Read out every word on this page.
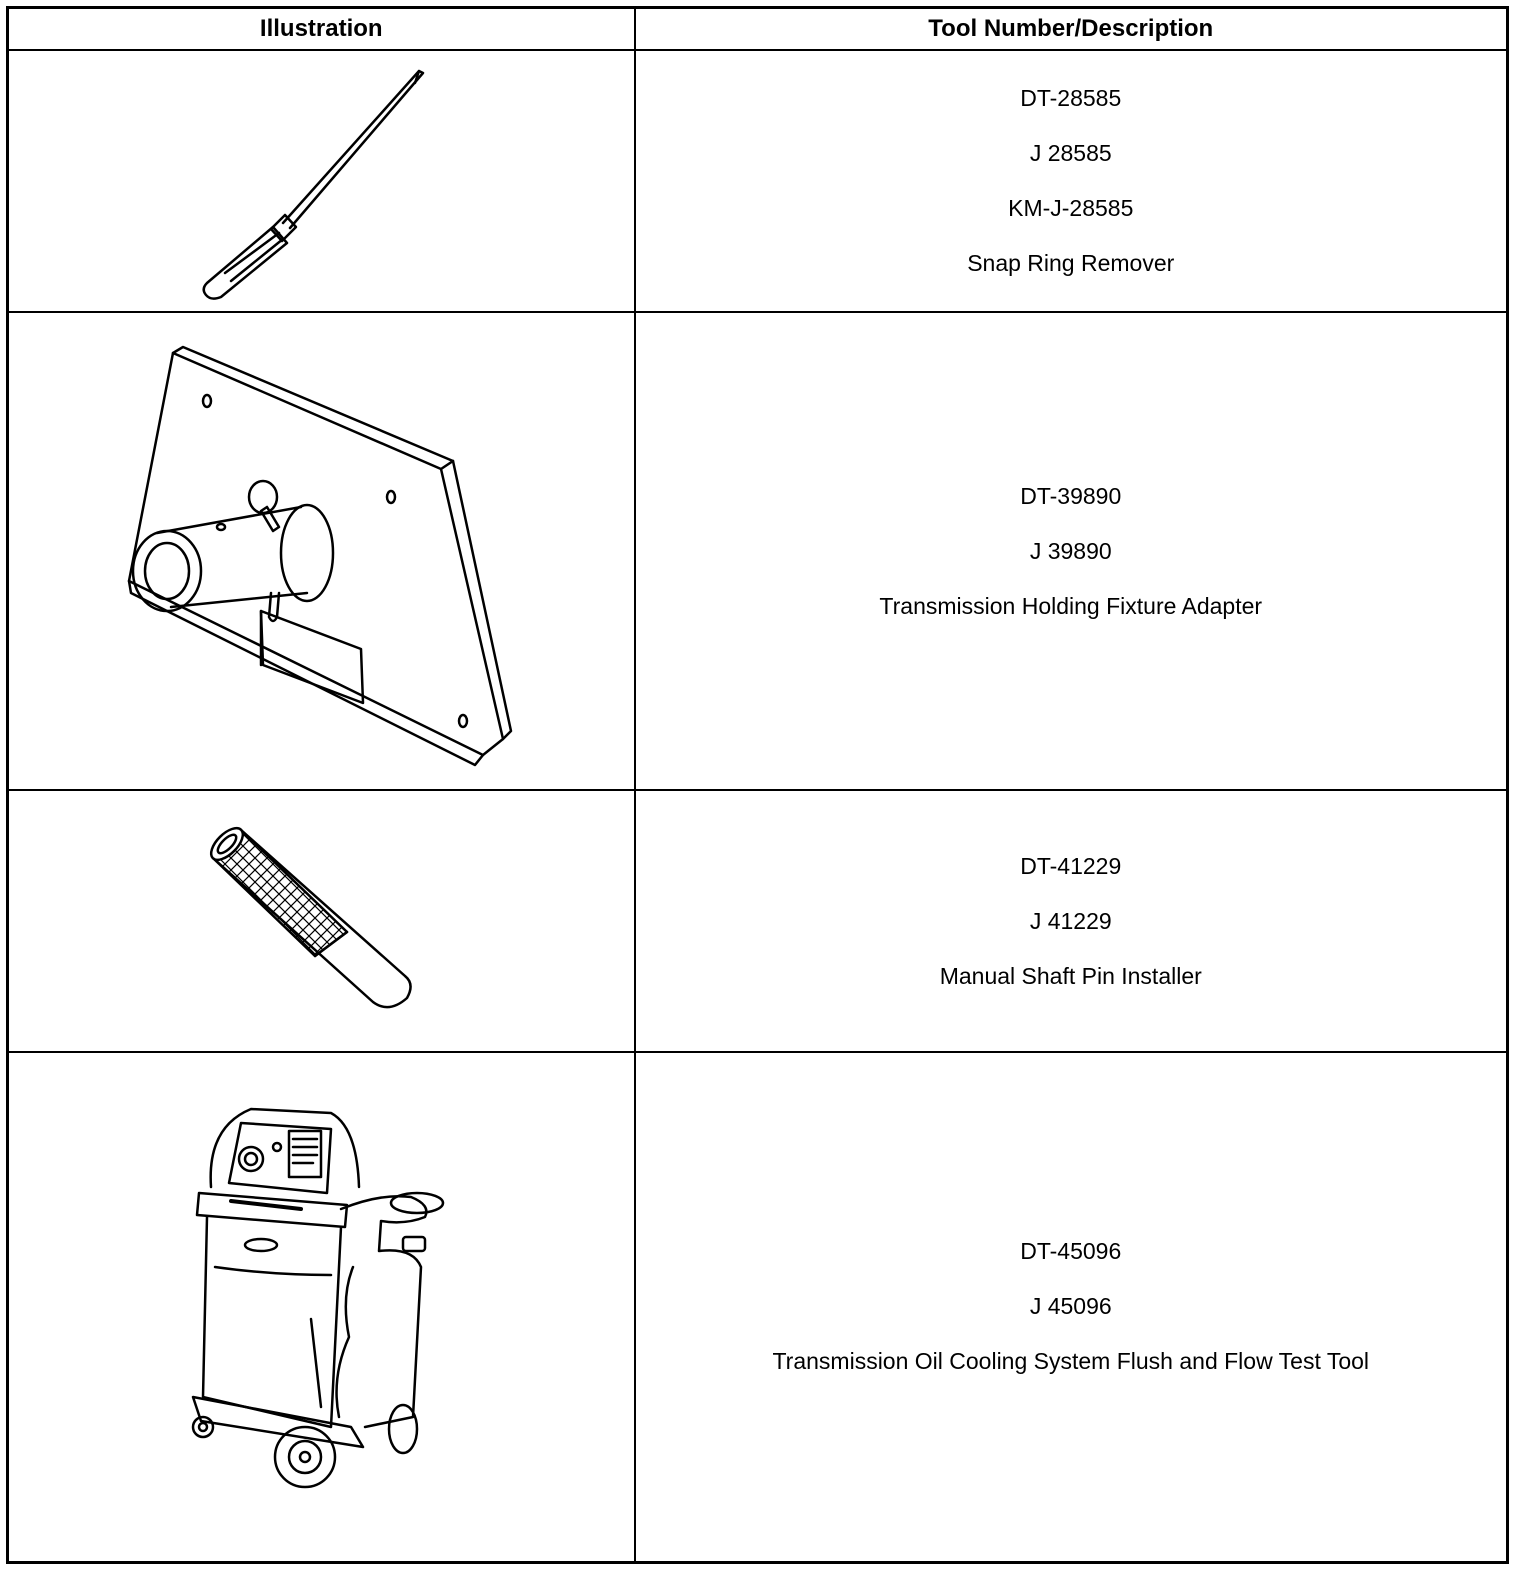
Illustration	Tool Number/Description

DT-28585
J 28585
KM-J-28585
Snap Ring Remover

DT-39890
J 39890
Transmission Holding Fixture Adapter

DT-41229
J 41229
Manual Shaft Pin Installer

DT-45096
J 45096
Transmission Oil Cooling System Flush and Flow Test Tool
